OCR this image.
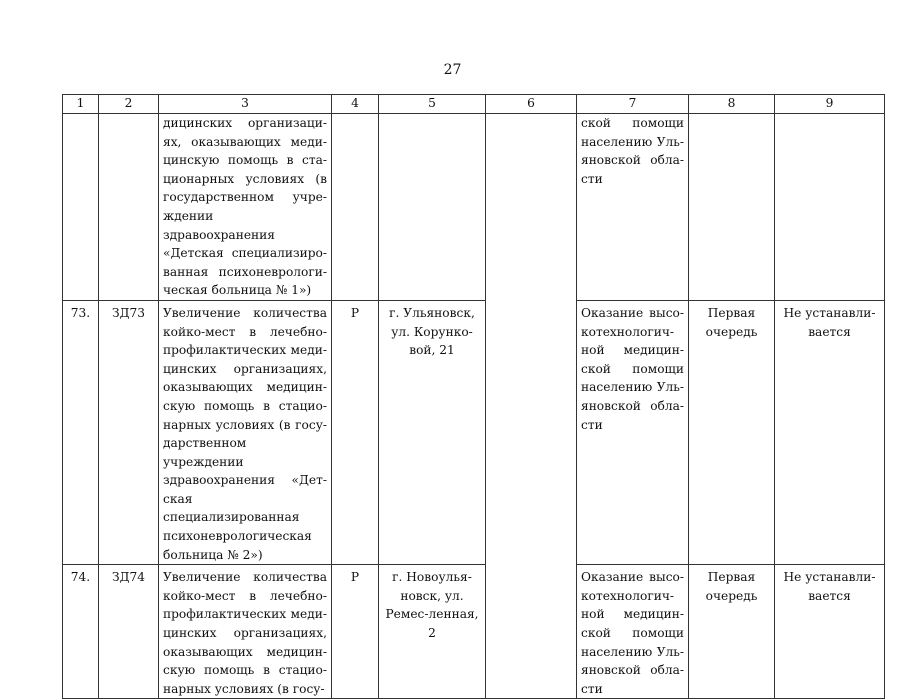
27
1	2	3	4	5	6	7	8	9
		дицинских организаци-ях, оказывающих меди-цинскую помощь в ста-ционарных условиях (в государственном учре-ждении здравоохранения «Детская специализиро-ванная психоневрологи-ческая больница № 1»)				ской помощи населению Уль-яновской обла-сти		
73.	ЗД73	Увеличение количества койко-мест в лечебно-профилактических меди-цинских организациях, оказывающих медицин-скую помощь в стацио-нарных условиях (в госу-дарственном учреждении здравоохранения «Дет-ская специализированная психоневрологическая больница № 2»)	Р	г. Ульяновск, ул. Корунко-вой, 21		Оказание высо-котехнологич-ной медицин-ской помощи населению Уль-яновской обла-сти	Первая очередь	Не устанавли-вается
74.	ЗД74	Увеличение количества койко-мест в лечебно-профилактических меди-цинских организациях, оказывающих медицин-скую помощь в стацио-нарных условиях (в госу-	Р	г. Новоулья-новск, ул. Ремес-ленная, 2		Оказание высо-котехнологич-ной медицин-ской помощи населению Уль-яновской обла-сти	Первая очередь	Не устанавли-вается
